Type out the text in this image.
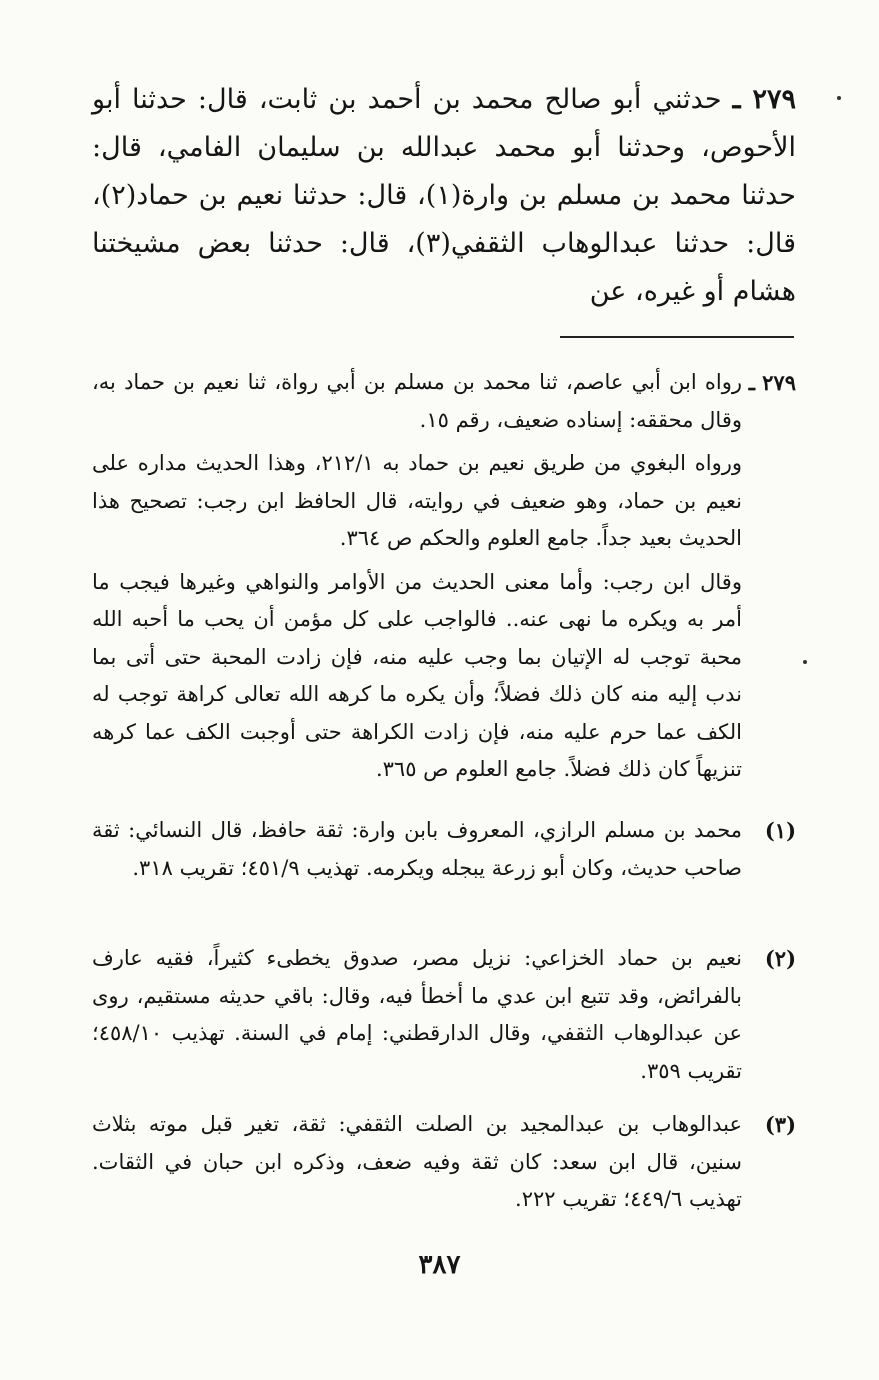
٢٧٩ ـ حدثني أبو صالح محمد بن أحمد بن ثابت، قال: حدثنا أبو الأحوص، وحدثنا أبو محمد عبدالله بن سليمان الفامي، قال: حدثنا محمد بن مسلم بن وارة(١)، قال: حدثنا نعيم بن حماد(٢)، قال: حدثنا عبدالوهاب الثقفي(٣)، قال: حدثنا بعض مشيختنا هشام أو غيره، عن
٢٧٩ ـ
رواه ابن أبي عاصم، ثنا محمد بن مسلم بن أبي رواة، ثنا نعيم بن حماد به، وقال محققه: إسناده ضعيف، رقم ١٥.
ورواه البغوي من طريق نعيم بن حماد به ٢١٢/١، وهذا الحديث مداره على نعيم بن حماد، وهو ضعيف في روايته، قال الحافظ ابن رجب: تصحيح هذا الحديث بعيد جداً. جامع العلوم والحكم ص ٣٦٤.
وقال ابن رجب: وأما معنى الحديث من الأوامر والنواهي وغيرها فيجب ما أمر به ويكره ما نهى عنه.. فالواجب على كل مؤمن أن يحب ما أحبه الله محبة توجب له الإتيان بما وجب عليه منه، فإن زادت المحبة حتى أتى بما ندب إليه منه كان ذلك فضلاً؛ وأن يكره ما كرهه الله تعالى كراهة توجب له الكف عما حرم عليه منه، فإن زادت الكراهة حتى أوجبت الكف عما كرهه تنزيهاً كان ذلك فضلاً. جامع العلوم ص ٣٦٥.
(١)
محمد بن مسلم الرازي، المعروف بابن وارة: ثقة حافظ، قال النسائي: ثقة صاحب حديث، وكان أبو زرعة يبجله ويكرمه. تهذيب ٤٥١/٩؛ تقريب ٣١٨.
(٢)
نعيم بن حماد الخزاعي: نزيل مصر، صدوق يخطىء كثيراً، فقيه عارف بالفرائض، وقد تتبع ابن عدي ما أخطأ فيه، وقال: باقي حديثه مستقيم، روى عن عبدالوهاب الثقفي، وقال الدارقطني: إمام في السنة. تهذيب ٤٥٨/١٠؛ تقريب ٣٥٩.
(٣)
عبدالوهاب بن عبدالمجيد بن الصلت الثقفي: ثقة، تغير قبل موته بثلاث سنين، قال ابن سعد: كان ثقة وفيه ضعف، وذكره ابن حبان في الثقات. تهذيب ٤٤٩/٦؛ تقريب ٢٢٢.
٣٨٧
